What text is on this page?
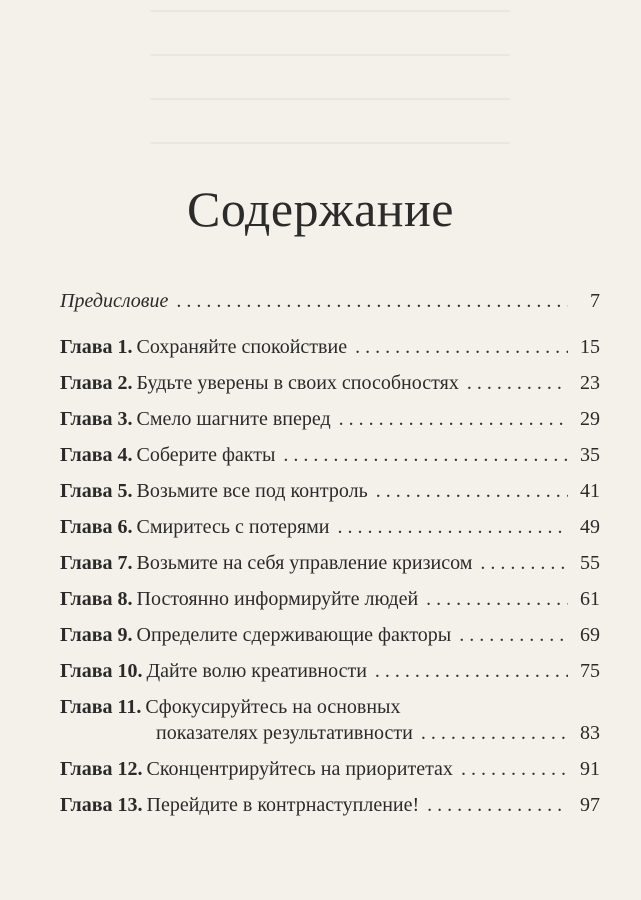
Содержание
Предисловие . . .	7
Глава 1. Сохраняйте спокойствие . . .	15
Глава 2. Будьте уверены в своих способностях . . .	23
Глава 3. Смело шагните вперед . . .	29
Глава 4. Соберите факты . . .	35
Глава 5. Возьмите все под контроль . . .	41
Глава 6. Смиритесь с потерями . . .	49
Глава 7. Возьмите на себя управление кризисом . . .	55
Глава 8. Постоянно информируйте людей . . .	61
Глава 9. Определите сдерживающие факторы . . .	69
Глава 10. Дайте волю креативности . . .	75
Глава 11. Сфокусируйтесь на основных
показателях результативности . . .	83
Глава 12. Сконцентрируйтесь на приоритетах . . .	91
Глава 13. Перейдите в контрнаступление! . . .	97
